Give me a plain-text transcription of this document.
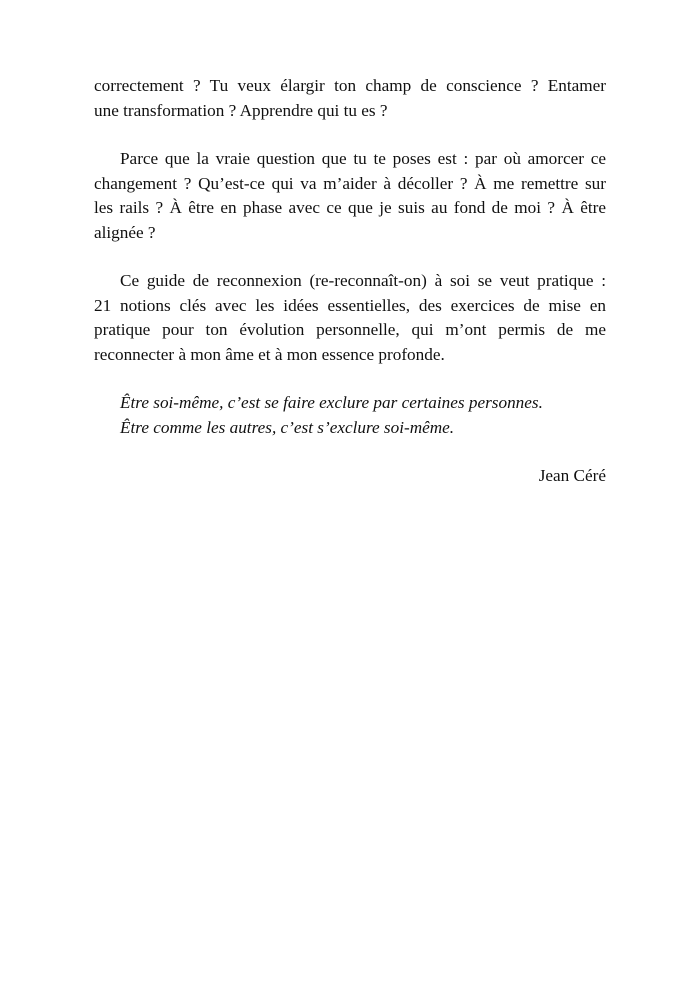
correctement ? Tu veux élargir ton champ de conscience ? Entamer
une transformation ? Apprendre qui tu es ?
Parce que la vraie question que tu te poses est : par où amorcer ce
changement ? Qu’est-ce qui va m’aider à décoller ? À me remettre sur
les rails ? À être en phase avec ce que je suis au fond de moi ? À être
alignée ?
Ce guide de reconnexion (re-reconnaît-on) à soi se veut pratique :
21 notions clés avec les idées essentielles, des exercices de mise en
pratique pour ton évolution personnelle, qui m’ont permis de me
reconnecter à mon âme et à mon essence profonde.
Être soi-même, c’est se faire exclure par certaines personnes.
Être comme les autres, c’est s’exclure soi-même.
Jean Céré
